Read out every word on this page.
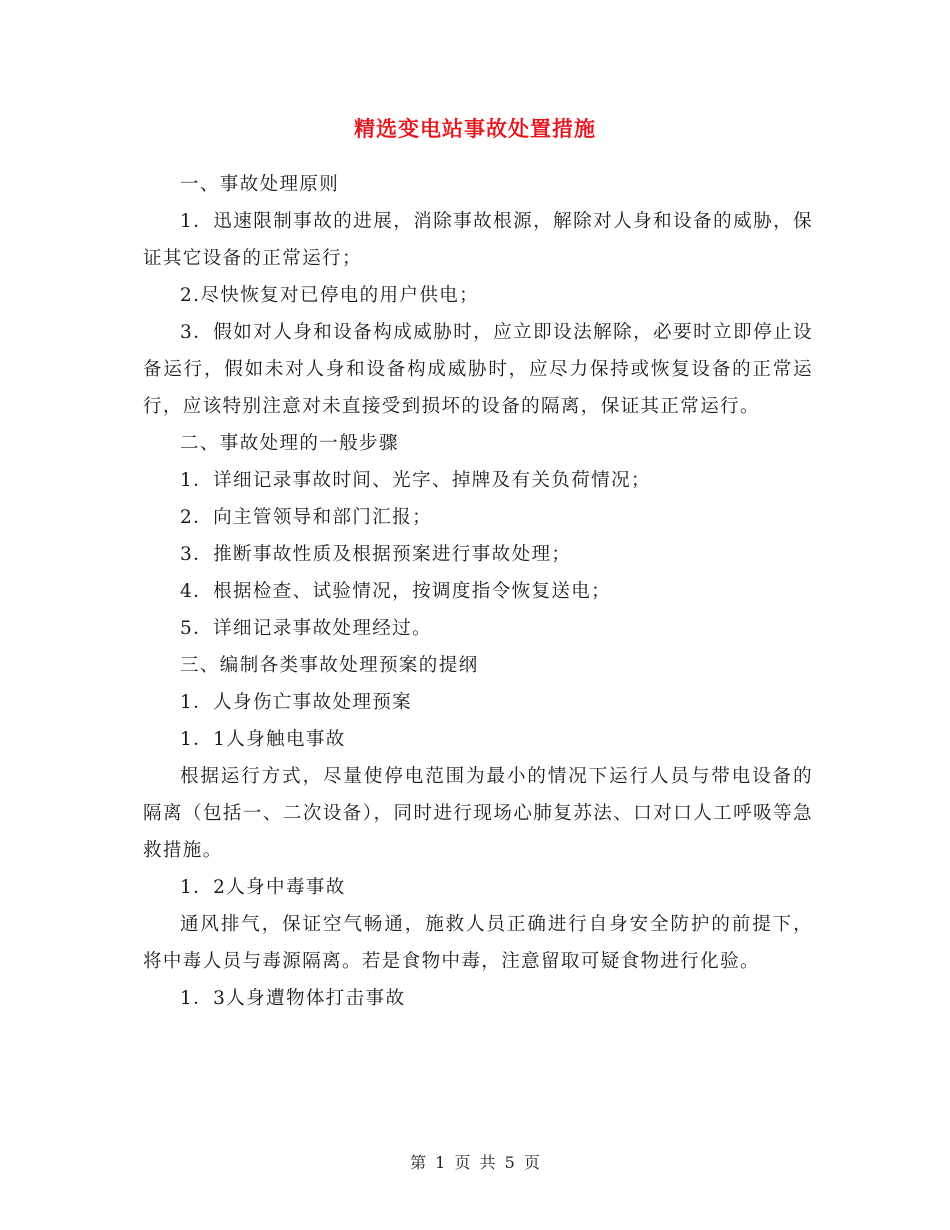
精选变电站事故处置措施

一、事故处理原则

1．迅速限制事故的进展，消除事故根源，解除对人身和设备的威胁，保证其它设备的正常运行；

2.尽快恢复对已停电的用户供电；

3．假如对人身和设备构成威胁时，应立即设法解除，必要时立即停止设备运行，假如未对人身和设备构成威胁时，应尽力保持或恢复设备的正常运行，应该特别注意对未直接受到损坏的设备的隔离，保证其正常运行。

二、事故处理的一般步骤

1．详细记录事故时间、光字、掉牌及有关负荷情况；

2．向主管领导和部门汇报；

3．推断事故性质及根据预案进行事故处理；

4．根据检查、试验情况，按调度指令恢复送电；

5．详细记录事故处理经过。

三、编制各类事故处理预案的提纲

1．人身伤亡事故处理预案

1．1人身触电事故

根据运行方式，尽量使停电范围为最小的情况下运行人员与带电设备的隔离（包括一、二次设备），同时进行现场心肺复苏法、口对口人工呼吸等急救措施。

1．2人身中毒事故

通风排气，保证空气畅通，施救人员正确进行自身安全防护的前提下，将中毒人员与毒源隔离。若是食物中毒，注意留取可疑食物进行化验。

1．3人身遭物体打击事故

第 1 页 共 5 页
